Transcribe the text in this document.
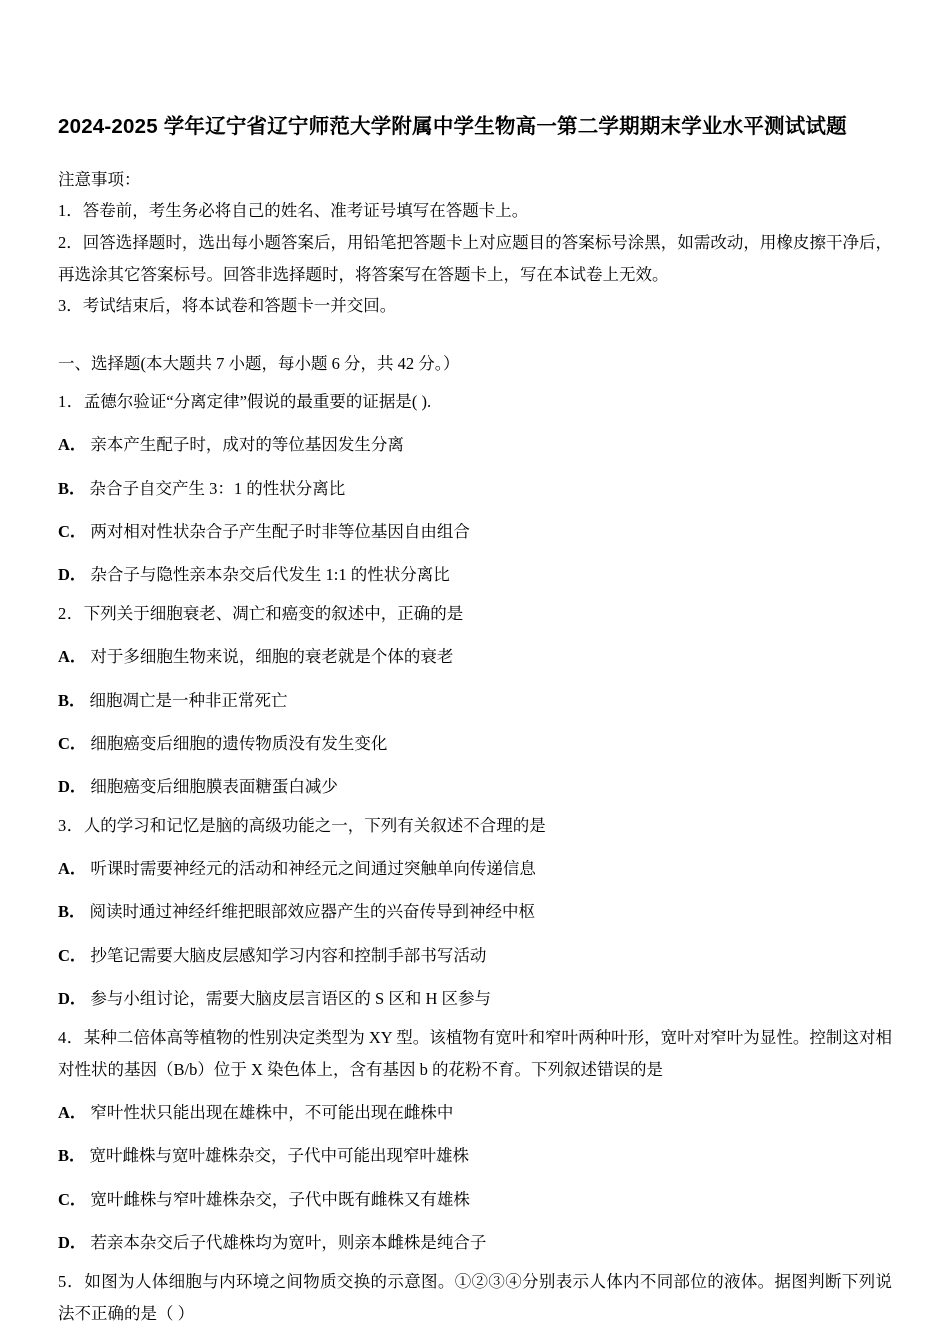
2024-2025 学年辽宁省辽宁师范大学附属中学生物高一第二学期期末学业水平测试试题
注意事项：
1．答卷前，考生务必将自己的姓名、准考证号填写在答题卡上。
2．回答选择题时，选出每小题答案后，用铅笔把答题卡上对应题目的答案标号涂黑，如需改动，用橡皮擦干净后，再选涂其它答案标号。回答非选择题时，将答案写在答题卡上，写在本试卷上无效。
3．考试结束后，将本试卷和答题卡一并交回。
一、选择题(本大题共 7 小题，每小题 6 分，共 42 分。）
1．孟德尔验证“分离定律”假说的最重要的证据是( ).
A． 亲本产生配子时，成对的等位基因发生分离
B． 杂合子自交产生 3：1 的性状分离比
C． 两对相对性状杂合子产生配子时非等位基因自由组合
D． 杂合子与隐性亲本杂交后代发生 1:1 的性状分离比
2．下列关于细胞衰老、凋亡和癌变的叙述中，正确的是
A． 对于多细胞生物来说，细胞的衰老就是个体的衰老
B． 细胞凋亡是一种非正常死亡
C． 细胞癌变后细胞的遗传物质没有发生变化
D． 细胞癌变后细胞膜表面糖蛋白减少
3．人的学习和记忆是脑的高级功能之一，下列有关叙述不合理的是
A． 听课时需要神经元的活动和神经元之间通过突触单向传递信息
B． 阅读时通过神经纤维把眼部效应器产生的兴奋传导到神经中枢
C． 抄笔记需要大脑皮层感知学习内容和控制手部书写活动
D． 参与小组讨论，需要大脑皮层言语区的 S 区和 H 区参与
4．某种二倍体高等植物的性别决定类型为 XY 型。该植物有宽叶和窄叶两种叶形，宽叶对窄叶为显性。控制这对相对性状的基因（B/b）位于 X 染色体上，含有基因 b 的花粉不育。下列叙述错误的是
A． 窄叶性状只能出现在雄株中，不可能出现在雌株中
B． 宽叶雌株与宽叶雄株杂交，子代中可能出现窄叶雄株
C． 宽叶雌株与窄叶雄株杂交，子代中既有雌株又有雄株
D． 若亲本杂交后子代雄株均为宽叶，则亲本雌株是纯合子
5．如图为人体细胞与内环境之间物质交换的示意图。①②③④分别表示人体内不同部位的液体。据图判断下列说法不正确的是（ ）
